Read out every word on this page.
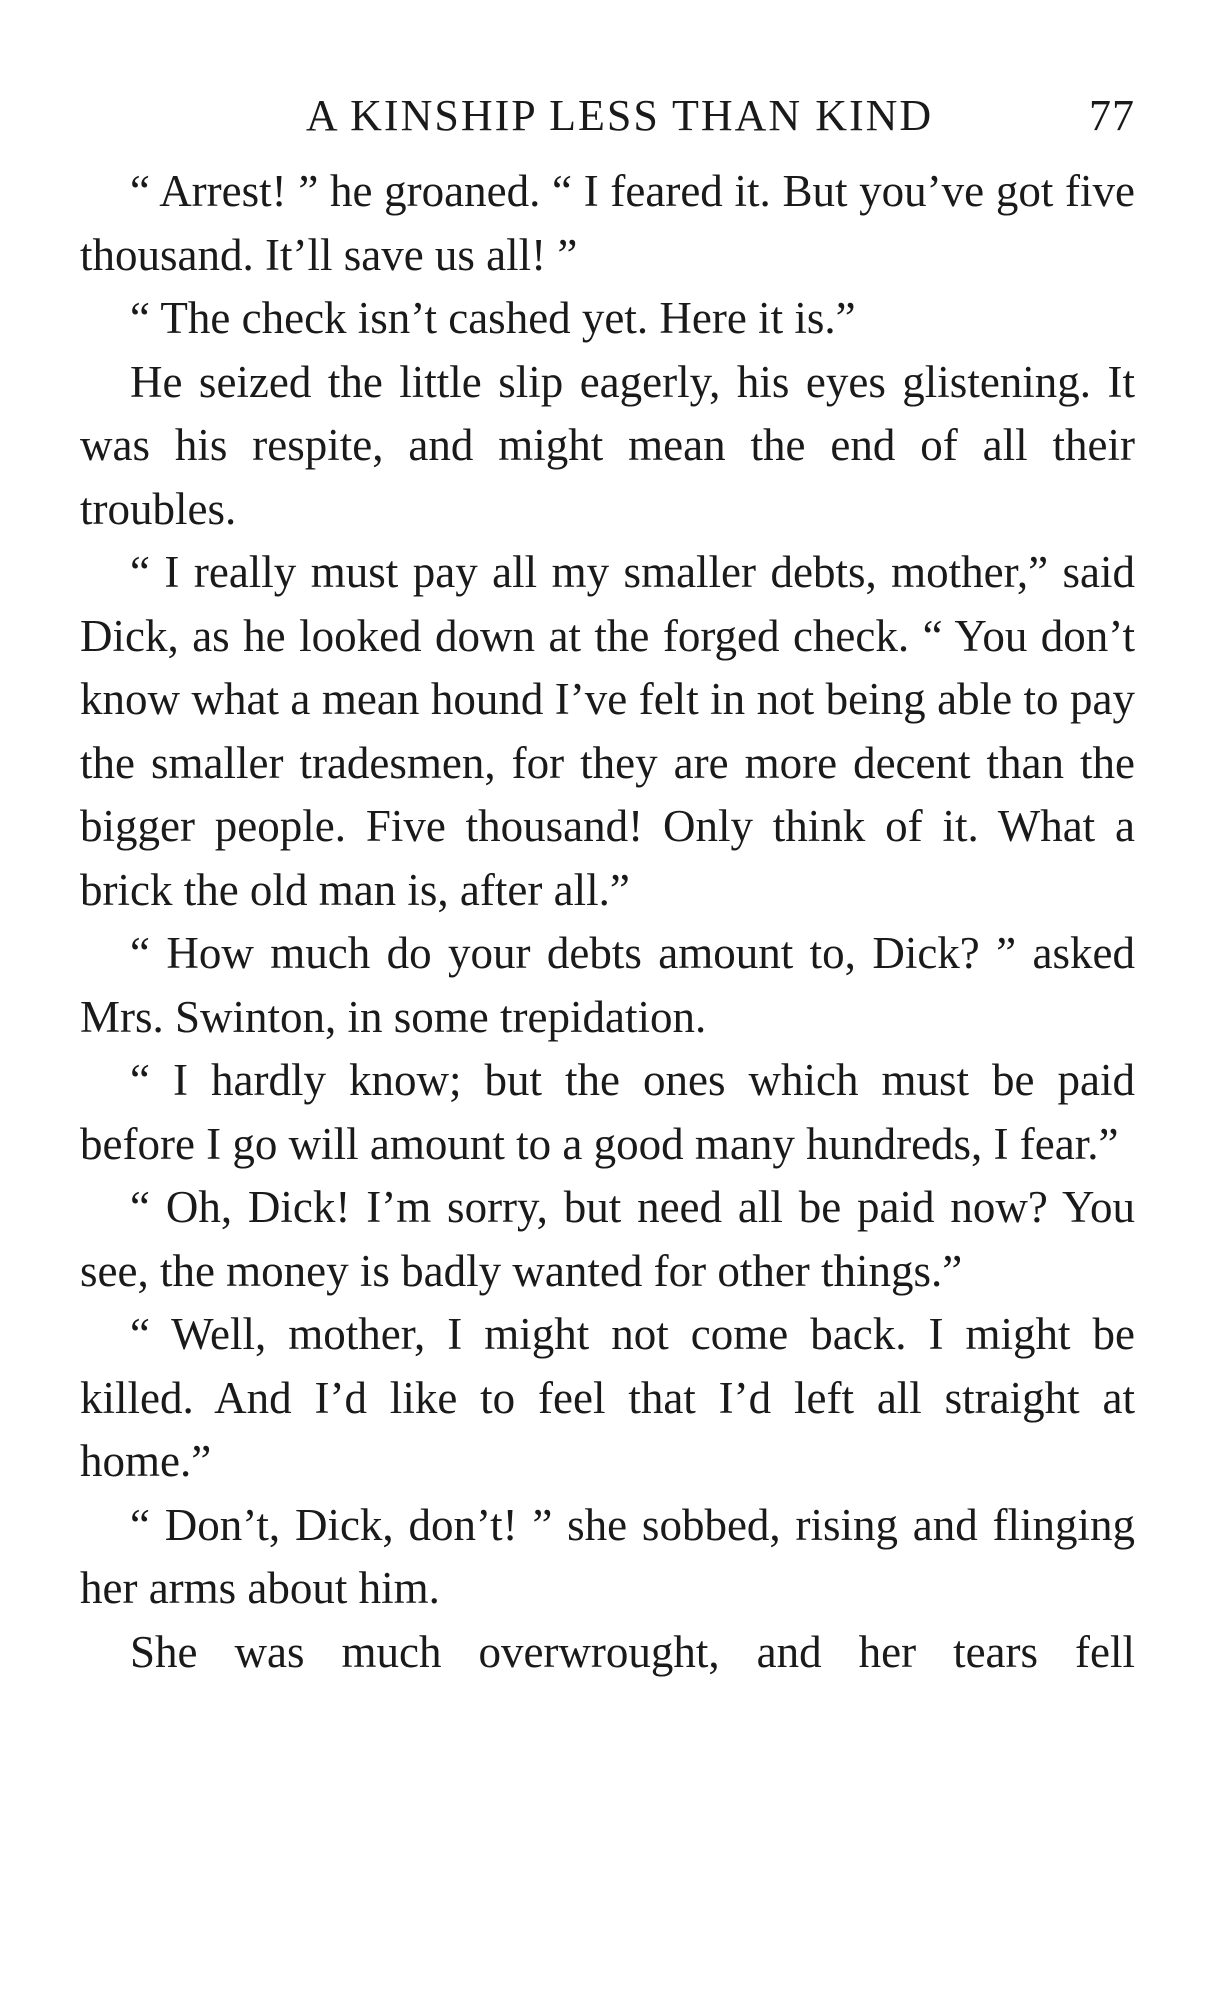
A KINSHIP LESS THAN KIND	77

“ Arrest! ” he groaned. “ I feared it. But you’ve got five thousand. It’ll save us all! ”

“ The check isn’t cashed yet. Here it is.”

He seized the little slip eagerly, his eyes glistening. It was his respite, and might mean the end of all their troubles.

“ I really must pay all my smaller debts, mother,” said Dick, as he looked down at the forged check. “ You don’t know what a mean hound I’ve felt in not being able to pay the smaller tradesmen, for they are more decent than the bigger people. Five thousand! Only think of it. What a brick the old man is, after all.”

“ How much do your debts amount to, Dick? ” asked Mrs. Swinton, in some trepidation.

“ I hardly know; but the ones which must be paid before I go will amount to a good many hundreds, I fear.”

“ Oh, Dick! I’m sorry, but need all be paid now? You see, the money is badly wanted for other things.”

“ Well, mother, I might not come back. I might be killed. And I’d like to feel that I’d left all straight at home.”

“ Don’t, Dick, don’t! ” she sobbed, rising and flinging her arms about him.

She was much overwrought, and her tears fell
